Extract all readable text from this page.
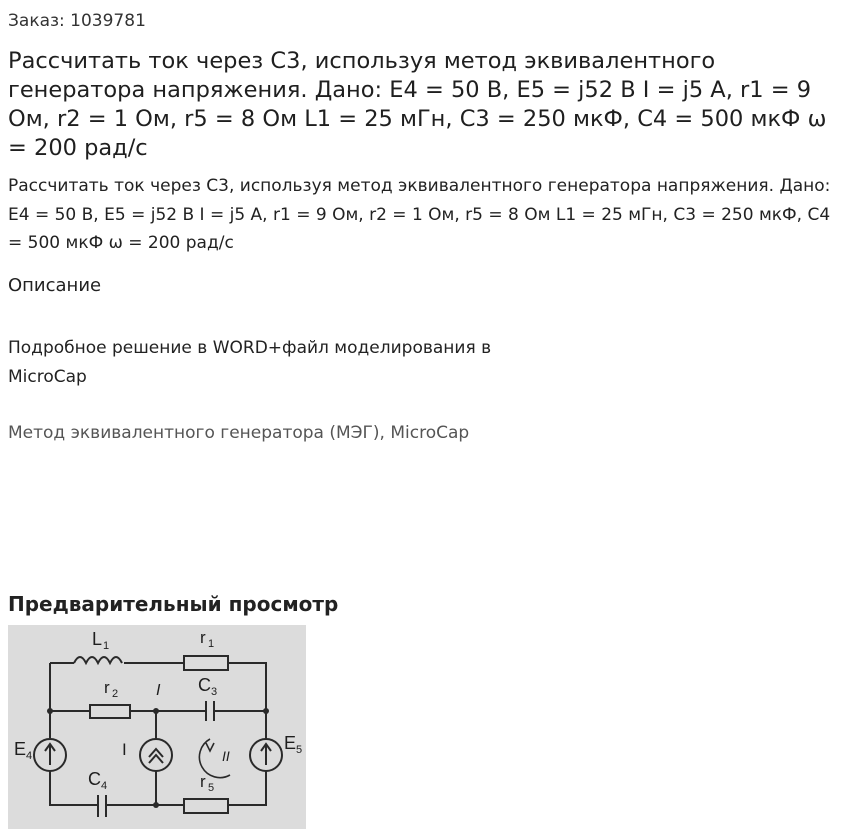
Заказ: 1039781
Рассчитать ток через C3, используя метод эквивалентного генератора напряжения. Дано: E4 = 50 В, E5 = j52 В I = j5 A, r1 = 9 Ом, r2 = 1 Ом, r5 = 8 Ом L1 = 25 мГн, C3 = 250 мкФ, C4 = 500 мкФ ω = 200 рад/с

Рассчитать ток через C3, используя метод эквивалентного генератора напряжения. Дано: E4 = 50 В, E5 = j52 В I = j5 A, r1 = 9 Ом, r2 = 1 Ом, r5 = 8 Ом L1 = 25 мГн, C3 = 250 мкФ, C4 = 500 мкФ ω = 200 рад/с

Описание

Подробное решение в WORD+файл моделирования в MicroCap

Метод эквивалентного генератора (МЭГ), MicroCap
Предварительный просмотр
L 1	r 1
r 2 I C 3
E 4	I	E 5
C 4	r 5
II
